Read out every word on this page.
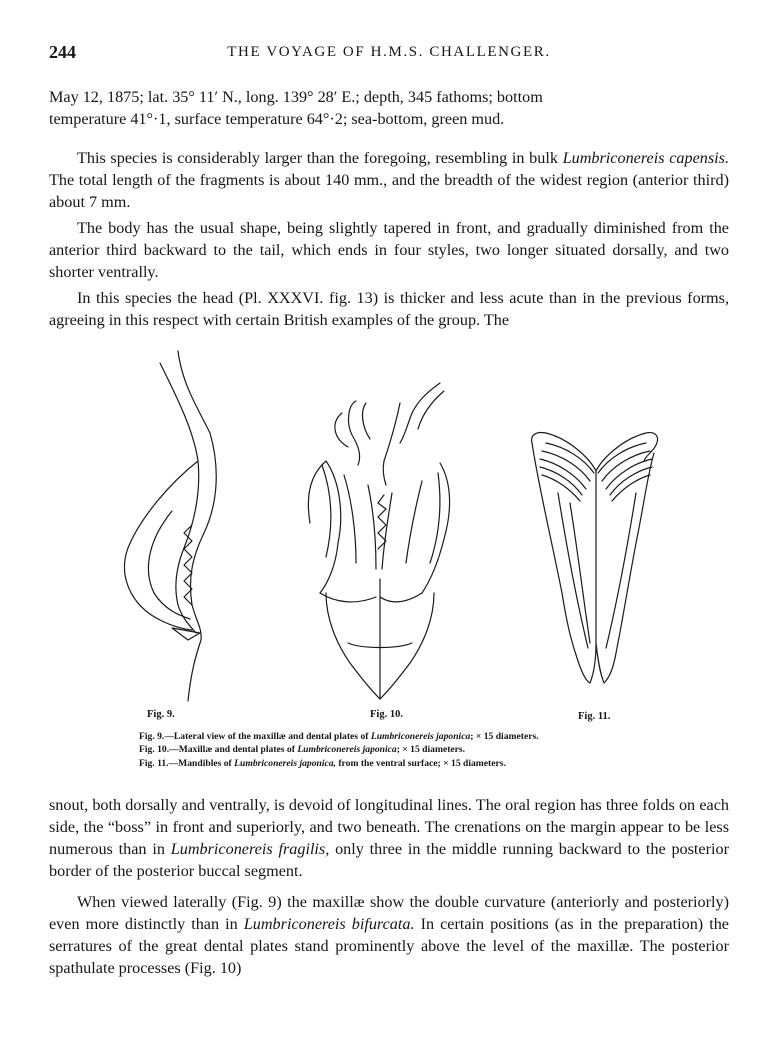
244	THE VOYAGE OF H.M.S. CHALLENGER.
May 12, 1875; lat. 35° 11′ N., long. 139° 28′ E.; depth, 345 fathoms; bottom
temperature 41°·1, surface temperature 64°·2; sea-bottom, green mud.

This species is considerably larger than the foregoing, resembling in bulk Lumbriconereis capensis. The total length of the fragments is about 140 mm., and the breadth of the widest region (anterior third) about 7 mm.

The body has the usual shape, being slightly tapered in front, and gradually diminished from the anterior third backward to the tail, which ends in four styles, two longer situated dorsally, and two shorter ventrally.

In this species the head (Pl. XXXVI. fig. 13) is thicker and less acute than in the previous forms, agreeing in this respect with certain British examples of the group. The

Fig. 9.	Fig. 10.	Fig. 11.
Fig. 9.—Lateral view of the maxillæ and dental plates of Lumbriconereis japonica; × 15 diameters.
Fig. 10.—Maxillæ and dental plates of Lumbriconereis japonica; × 15 diameters.
Fig. 11.—Mandibles of Lumbriconereis japonica, from the ventral surface; × 15 diameters.

snout, both dorsally and ventrally, is devoid of longitudinal lines. The oral region has three folds on each side, the “boss” in front and superiorly, and two beneath. The crenations on the margin appear to be less numerous than in Lumbriconereis fragilis, only three in the middle running backward to the posterior border of the posterior buccal segment.

When viewed laterally (Fig. 9) the maxillæ show the double curvature (anteriorly and posteriorly) even more distinctly than in Lumbriconereis bifurcata. In certain positions (as in the preparation) the serratures of the great dental plates stand prominently above the level of the maxillæ. The posterior spathulate processes (Fig. 10)
